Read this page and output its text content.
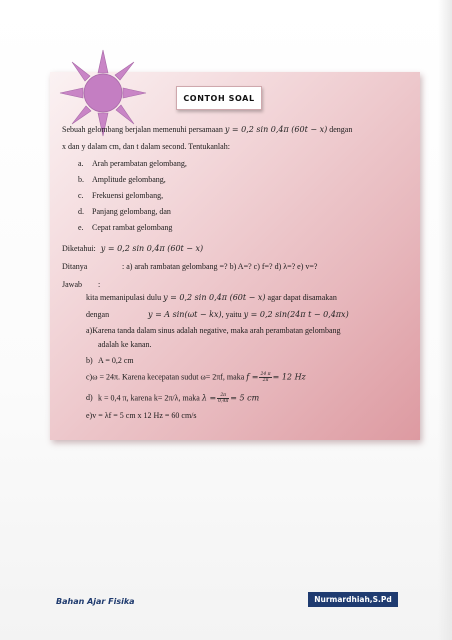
CONTOH SOAL
Sebuah gelombang berjalan memenuhi persamaan y = 0,2 sin 0,4π (60t − x) dengan
x dan y dalam cm, dan t dalam second. Tentukanlah:
a. Arah perambatan gelombang,
b. Amplitude gelombang,
c. Frekuensi gelombang,
d. Panjang gelombang, dan
e. Cepat rambat gelombang
Diketahui: y = 0,2 sin 0,4π (60t − x)
Ditanya	: a) arah rambatan gelombang =? b) A=? c) f=? d) λ=? e) v=?
Jawab :
kita memanipulasi dulu y = 0,2 sin 0,4π (60t − x) agar dapat disamakan
dengan	y = A sin(ωt − kx), yaitu y = 0,2 sin(24π t − 0,4πx)
a)Karena tanda dalam sinus adalah negative, maka arah perambatan gelombang
adalah ke kanan.
b) A = 0,2 cm
c)ω = 24π. Karena kecepatan sudut ω= 2πf, maka $f = \frac{24 \pi}{2\pi} = 12$ Hz
d) k = 0,4 π, karena k= 2π/λ, maka $\lambda = \frac{2\pi}{0,4\pi} = 5$ cm
e)v = λf = 5 cm x 12 Hz = 60 cm/s
Bahan Ajar Fisika	Nurmardhiah,S.Pd
